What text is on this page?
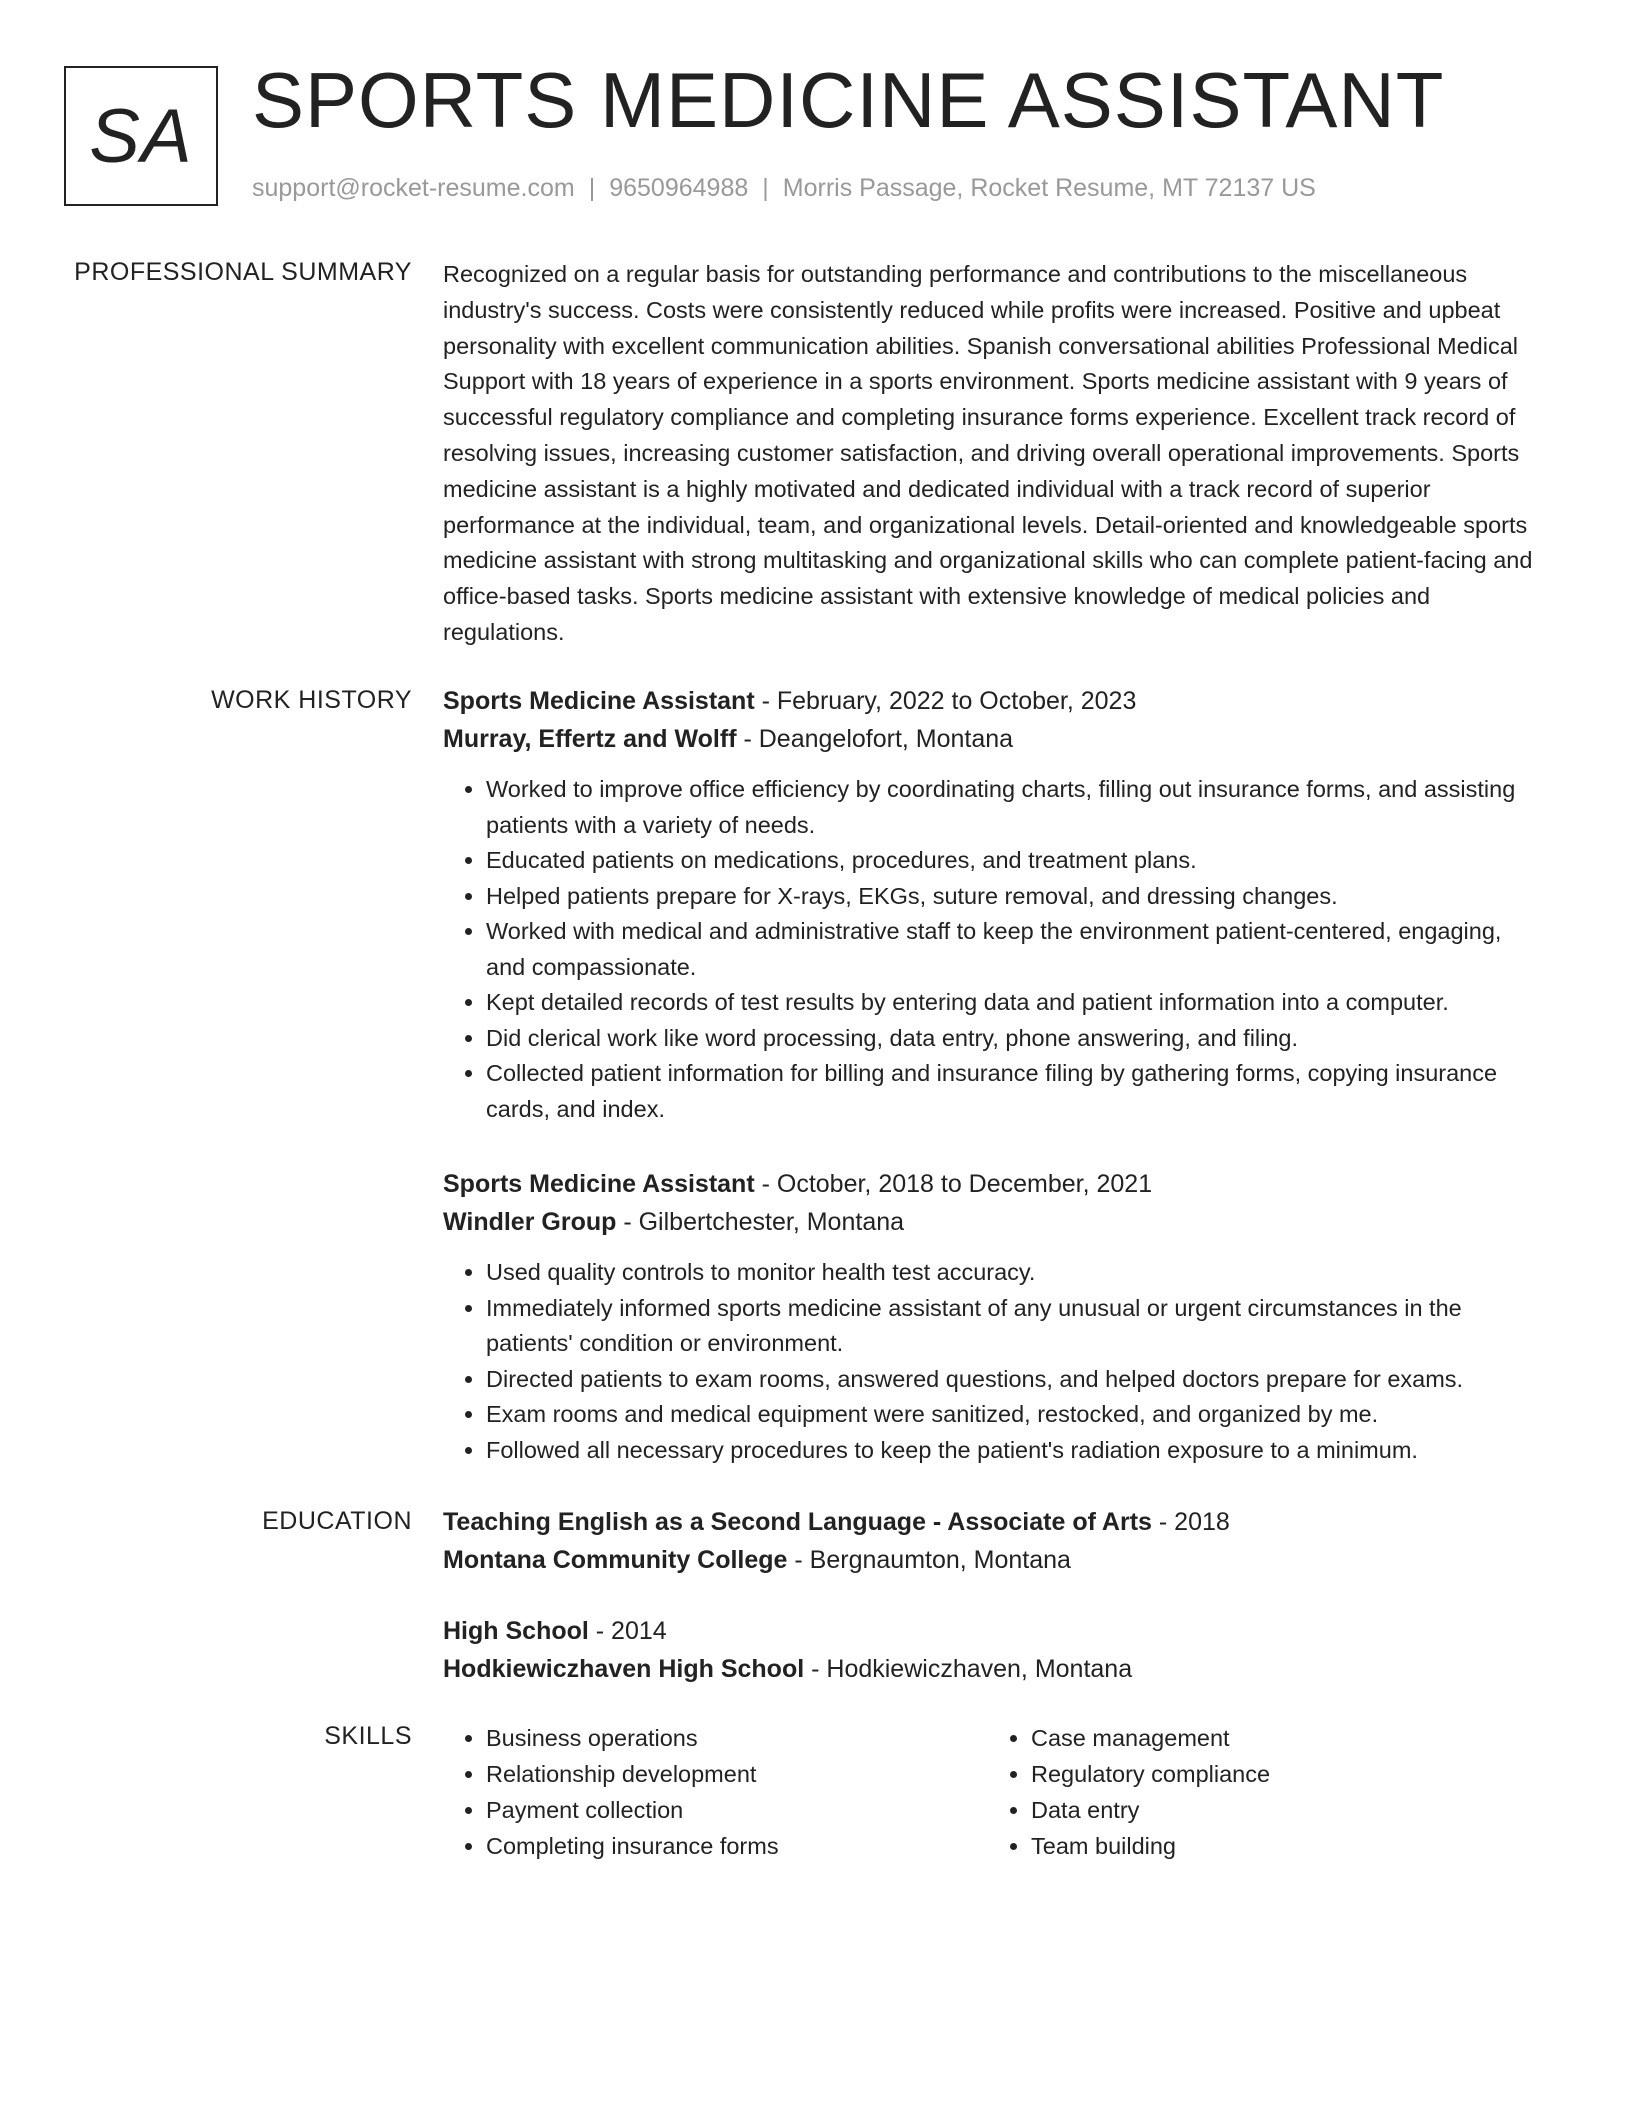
SA SPORTS MEDICINE ASSISTANT
support@rocket-resume.com | 9650964988 | Morris Passage, Rocket Resume, MT 72137 US
PROFESSIONAL SUMMARY Recognized on a regular basis for outstanding performance and contributions to the miscellaneous industry's success. Costs were consistently reduced while profits were increased. Positive and upbeat personality with excellent communication abilities. Spanish conversational abilities Professional Medical Support with 18 years of experience in a sports environment. Sports medicine assistant with 9 years of successful regulatory compliance and completing insurance forms experience. Excellent track record of resolving issues, increasing customer satisfaction, and driving overall operational improvements. Sports medicine assistant is a highly motivated and dedicated individual with a track record of superior performance at the individual, team, and organizational levels. Detail-oriented and knowledgeable sports medicine assistant with strong multitasking and organizational skills who can complete patient-facing and office-based tasks. Sports medicine assistant with extensive knowledge of medical policies and regulations.

WORK HISTORY Sports Medicine Assistant - February, 2022 to October, 2023
Murray, Effertz and Wolff - Deangelofort, Montana
• Worked to improve office efficiency by coordinating charts, filling out insurance forms, and assisting patients with a variety of needs.
• Educated patients on medications, procedures, and treatment plans.
• Helped patients prepare for X-rays, EKGs, suture removal, and dressing changes.
• Worked with medical and administrative staff to keep the environment patient-centered, engaging, and compassionate.
• Kept detailed records of test results by entering data and patient information into a computer.
• Did clerical work like word processing, data entry, phone answering, and filing.
• Collected patient information for billing and insurance filing by gathering forms, copying insurance cards, and index.
Sports Medicine Assistant - October, 2018 to December, 2021
Windler Group - Gilbertchester, Montana
• Used quality controls to monitor health test accuracy.
• Immediately informed sports medicine assistant of any unusual or urgent circumstances in the patients' condition or environment.
• Directed patients to exam rooms, answered questions, and helped doctors prepare for exams.
• Exam rooms and medical equipment were sanitized, restocked, and organized by me.
• Followed all necessary procedures to keep the patient's radiation exposure to a minimum.
EDUCATION Teaching English as a Second Language - Associate of Arts - 2018
Montana Community College - Bergnaumton, Montana
High School - 2014
Hodkiewiczhaven High School - Hodkiewiczhaven, Montana
SKILLS
•	Business operations
• Relationship development
• Payment collection
• Completing insurance forms
• Case management
• Regulatory compliance
• Data entry
• Team building
